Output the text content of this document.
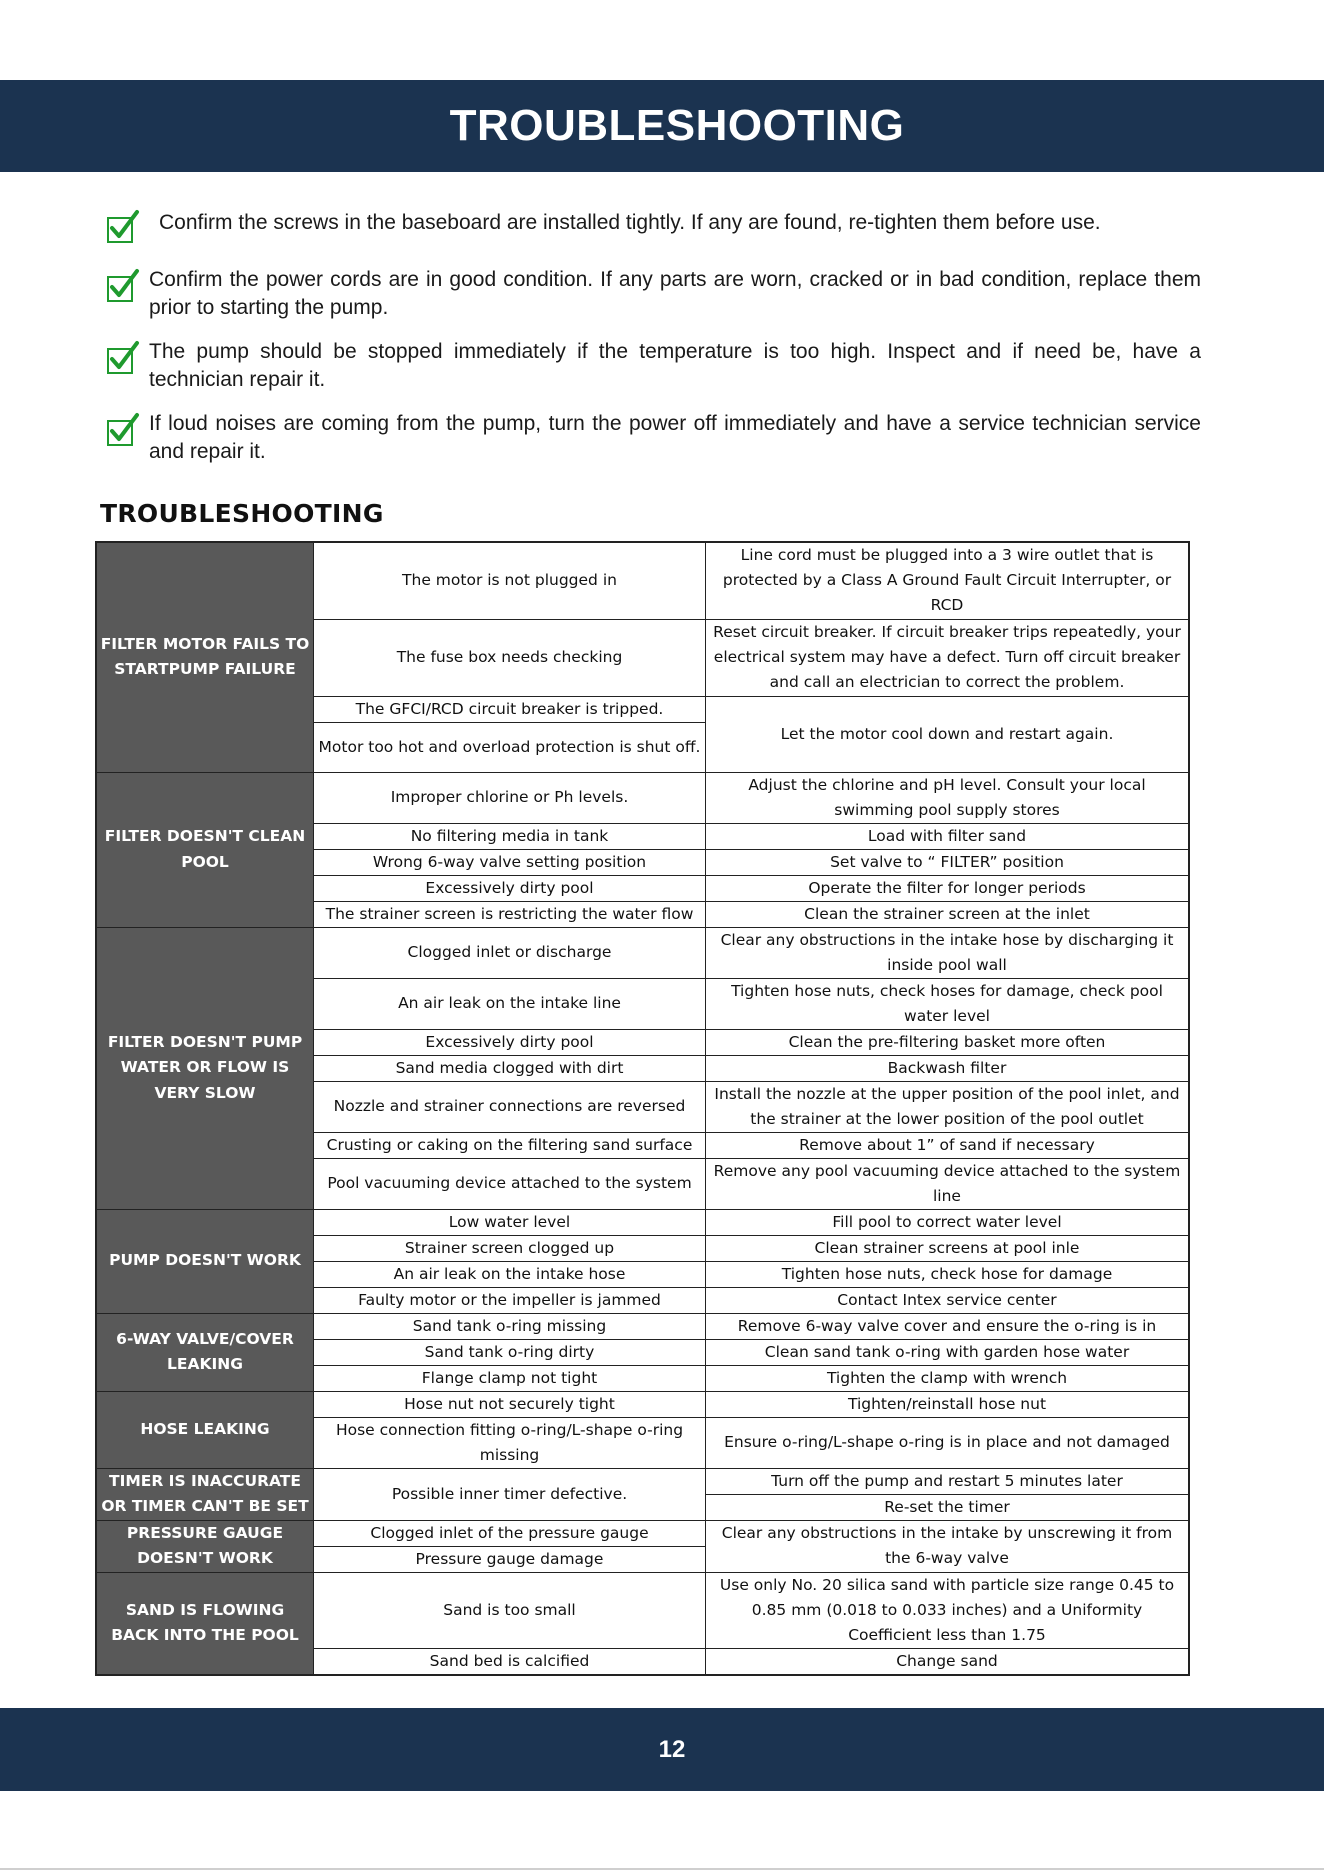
TROUBLESHOOTING
Confirm the screws in the baseboard are installed tightly. If any are found, re-tighten them before use.
Confirm the power cords are in good condition. If any parts are worn, cracked or in bad condition, replace them prior to starting the pump.
The pump should be stopped immediately if the temperature is too high. Inspect and if need be, have a technician repair it.
If loud noises are coming from the pump, turn the power off immediately and have a service technician service and repair it.
TROUBLESHOOTING
FILTER MOTOR FAILS TO STARTPUMP FAILURE	The motor is not plugged in	Line cord must be plugged into a 3 wire outlet that is protected by a Class A Ground Fault Circuit Interrupter, or RCD
	The fuse box needs checking	Reset circuit breaker. If circuit breaker trips repeatedly, your electrical system may have a defect. Turn off circuit breaker and call an electrician to correct the problem.
	The GFCI/RCD circuit breaker is tripped.	Let the motor cool down and restart again.
	Motor too hot and overload protection is shut off.	
FILTER DOESN'T CLEAN POOL	Improper chlorine or Ph levels.	Adjust the chlorine and pH level. Consult your local swimming pool supply stores
	No filtering media in tank	Load with filter sand
	Wrong 6-way valve setting position	Set valve to “ FILTER” position
	Excessively dirty pool	Operate the filter for longer periods
	The strainer screen is restricting the water flow	Clean the strainer screen at the inlet
FILTER DOESN'T PUMP WATER OR FLOW IS VERY SLOW	Clogged inlet or discharge	Clear any obstructions in the intake hose by discharging it inside pool wall
	An air leak on the intake line	Tighten hose nuts, check hoses for damage, check pool water level
	Excessively dirty pool	Clean the pre-filtering basket more often
	Sand media clogged with dirt	Backwash filter
	Nozzle and strainer connections are reversed	Install the nozzle at the upper position of the pool inlet, and the strainer at the lower position of the pool outlet
	Crusting or caking on the filtering sand surface	Remove about 1” of sand if necessary
	Pool vacuuming device attached to the system	Remove any pool vacuuming device attached to the system line
PUMP DOESN'T WORK	Low water level	Fill pool to correct water level
	Strainer screen clogged up	Clean strainer screens at pool inle
	An air leak on the intake hose	Tighten hose nuts, check hose for damage
	Faulty motor or the impeller is jammed	Contact Intex service center
6-WAY VALVE/COVER LEAKING	Sand tank o-ring missing	Remove 6-way valve cover and ensure the o-ring is in
	Sand tank o-ring dirty	Clean sand tank o-ring with garden hose water
	Flange clamp not tight	Tighten the clamp with wrench
HOSE LEAKING	Hose nut not securely tight	Tighten/reinstall hose nut
	Hose connection fitting o-ring/L-shape o-ring missing	Ensure o-ring/L-shape o-ring is in place and not damaged
TIMER IS INACCURATE OR TIMER CAN'T BE SET	Possible inner timer defective.	Turn off the pump and restart 5 minutes later
		Re-set the timer
PRESSURE GAUGE DOESN'T WORK	Clogged inlet of the pressure gauge	Clear any obstructions in the intake by unscrewing it from the 6-way valve
	Pressure gauge damage	
SAND IS FLOWING BACK INTO THE POOL	Sand is too small	Use only No. 20 silica sand with particle size range 0.45 to 0.85 mm (0.018 to 0.033 inches) and a Uniformity Coefficient less than 1.75
	Sand bed is calcified	Change sand
12
